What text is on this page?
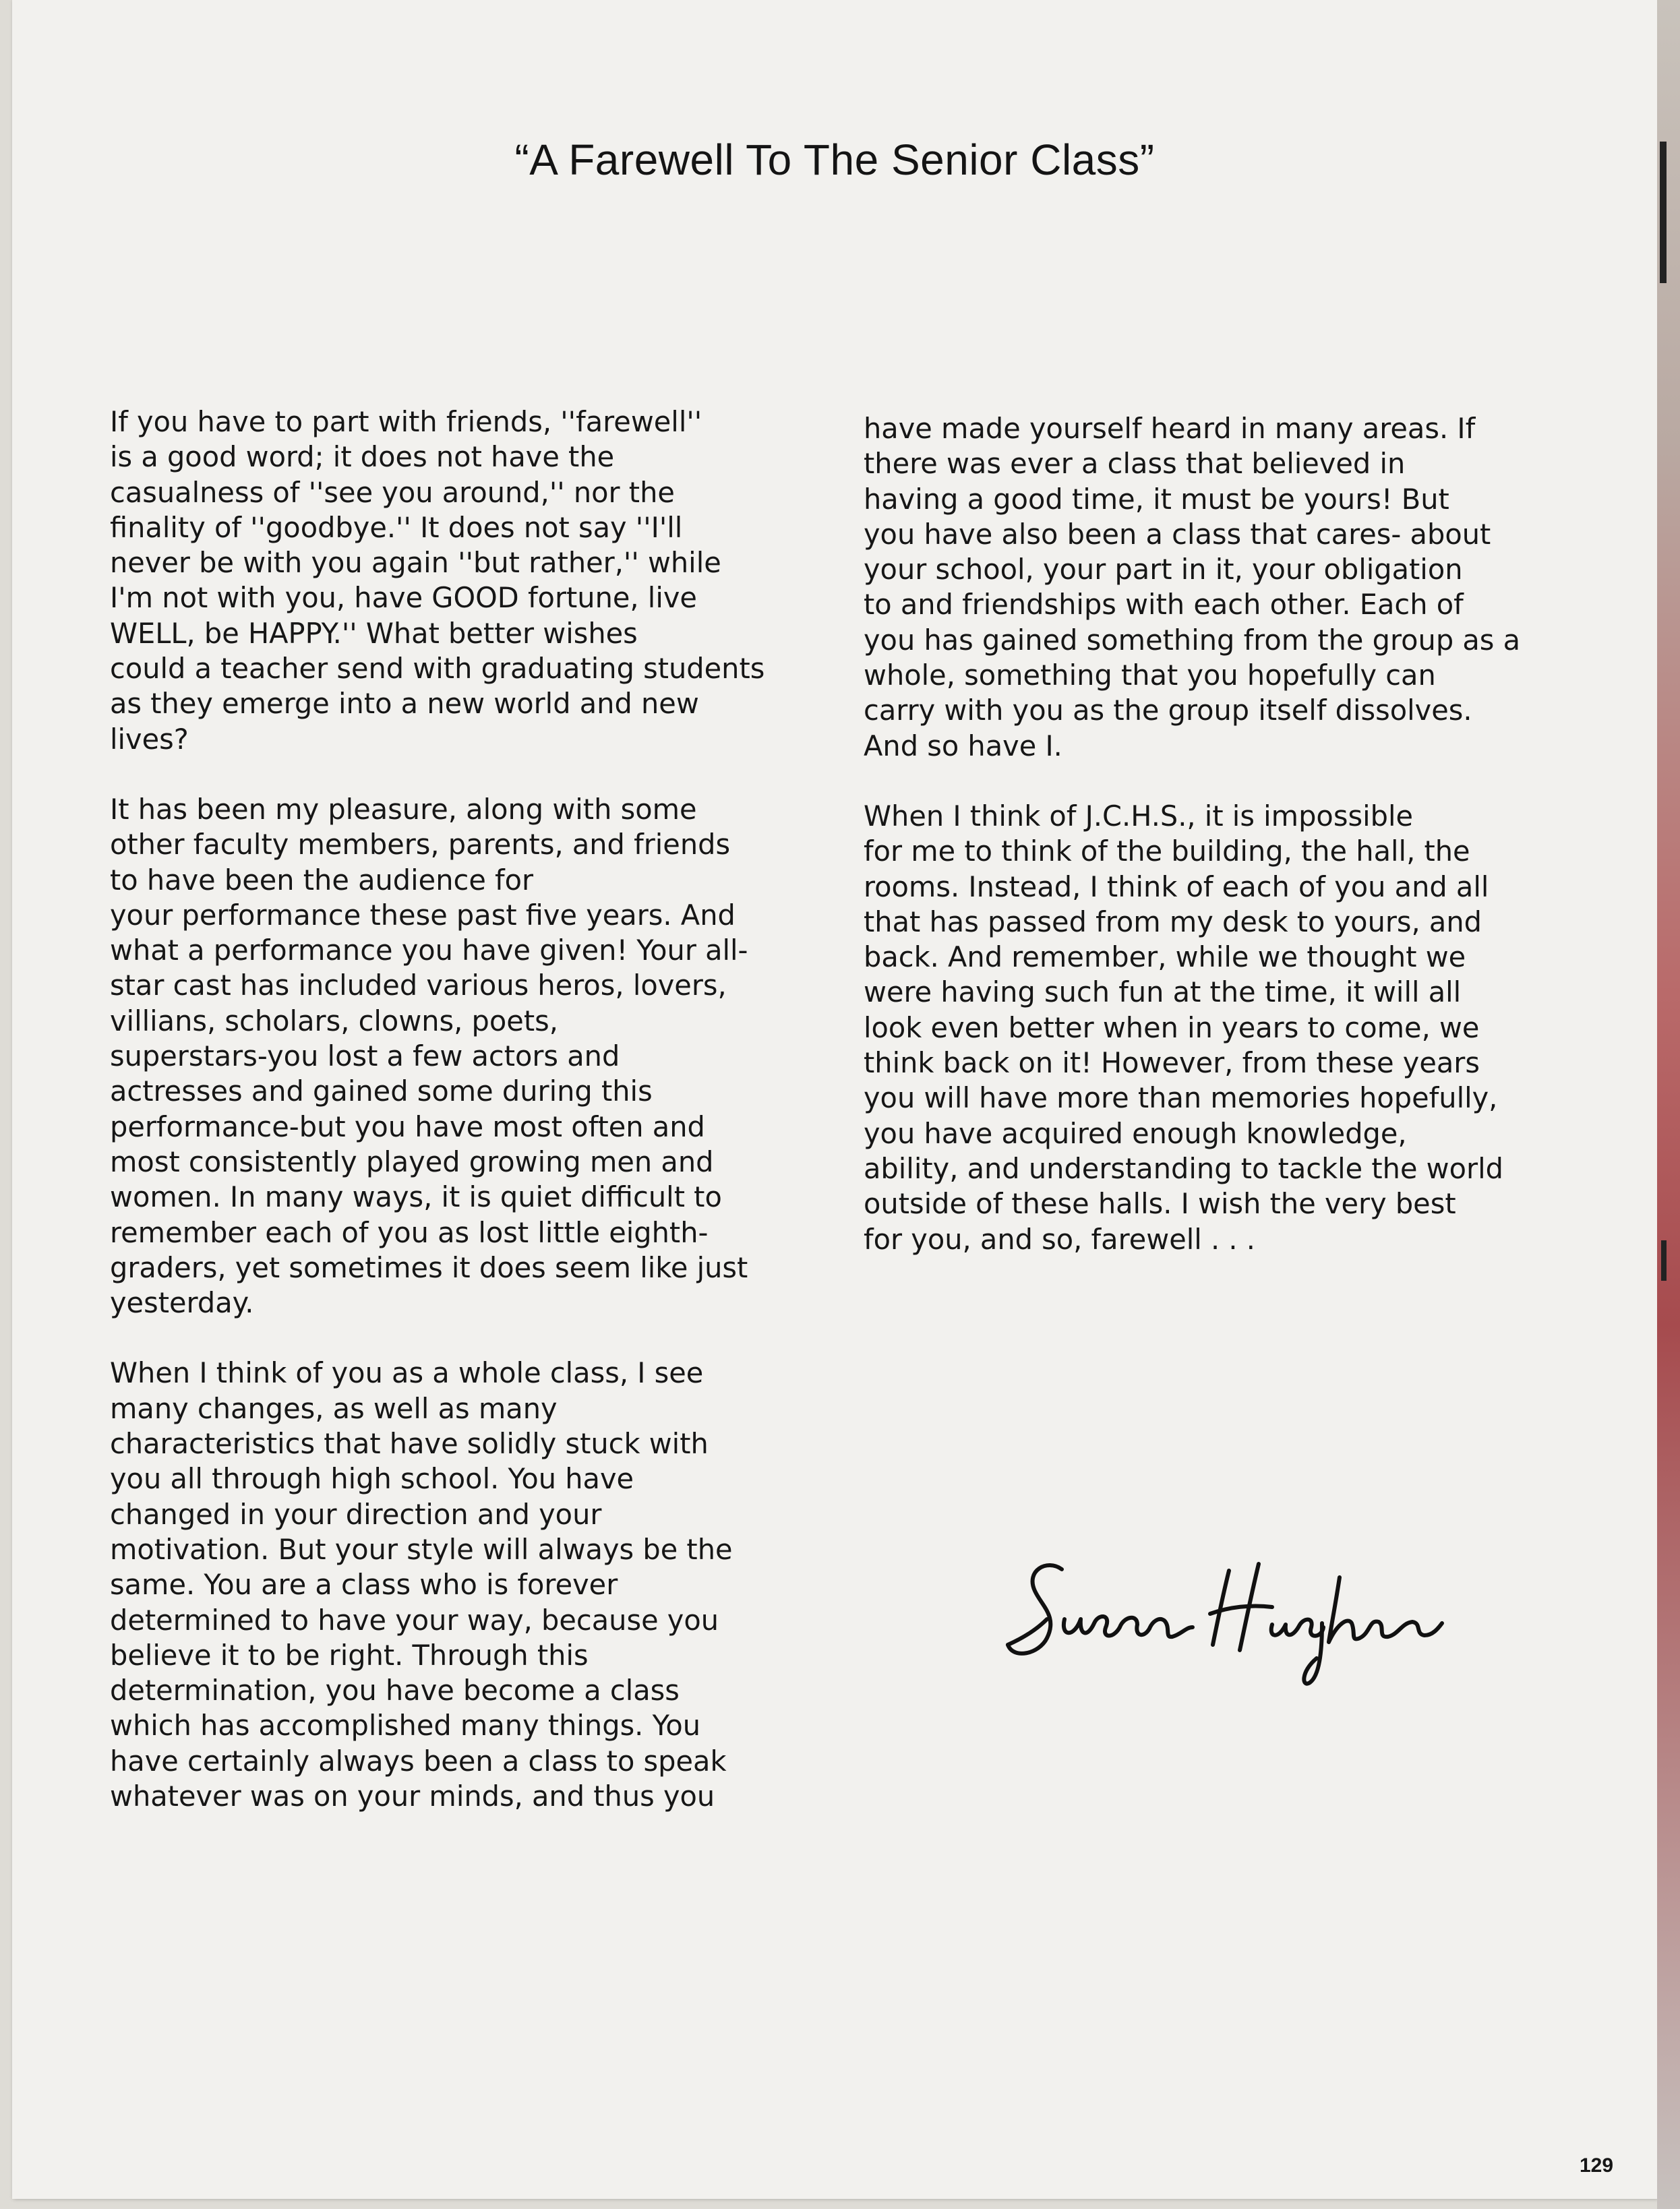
“A Farewell To The Senior Class”

If you have to part with friends, ''farewell''
is a good word; it does not have the
casualness of ''see you around,'' nor the
finality of ''goodbye.'' It does not say ''I'll
never be with you again ''but rather,'' while
I'm not with you, have GOOD fortune, live
WELL, be HAPPY.'' What better wishes
could a teacher send with graduating students
as they emerge into a new world and new
lives?

It has been my pleasure, along with some
other faculty members, parents, and friends
to have been the audience for
your performance these past five years. And
what a performance you have given! Your all-
star cast has included various heros, lovers,
villians, scholars, clowns, poets,
superstars-you lost a few actors and
actresses and gained some during this
performance-but you have most often and
most consistently played growing men and
women. In many ways, it is quiet difficult to
remember each of you as lost little eighth-
graders, yet sometimes it does seem like just
yesterday.

When I think of you as a whole class, I see
many changes, as well as many
characteristics that have solidly stuck with
you all through high school. You have
changed in your direction and your
motivation. But your style will always be the
same. You are a class who is forever
determined to have your way, because you
believe it to be right. Through this
determination, you have become a class
which has accomplished many things. You
have certainly always been a class to speak
whatever was on your minds, and thus you

have made yourself heard in many areas. If
there was ever a class that believed in
having a good time, it must be yours! But
you have also been a class that cares- about
your school, your part in it, your obligation
to and friendships with each other. Each of
you has gained something from the group as a
whole, something that you hopefully can
carry with you as the group itself dissolves.
And so have I.

When I think of J.C.H.S., it is impossible
for me to think of the building, the hall, the
rooms. Instead, I think of each of you and all
that has passed from my desk to yours, and
back. And remember, while we thought we
were having such fun at the time, it will all
look even better when in years to come, we
think back on it! However, from these years
you will have more than memories hopefully,
you have acquired enough knowledge,
ability, and understanding to tackle the world
outside of these halls. I wish the very best
for you, and so, farewell . . .

129
